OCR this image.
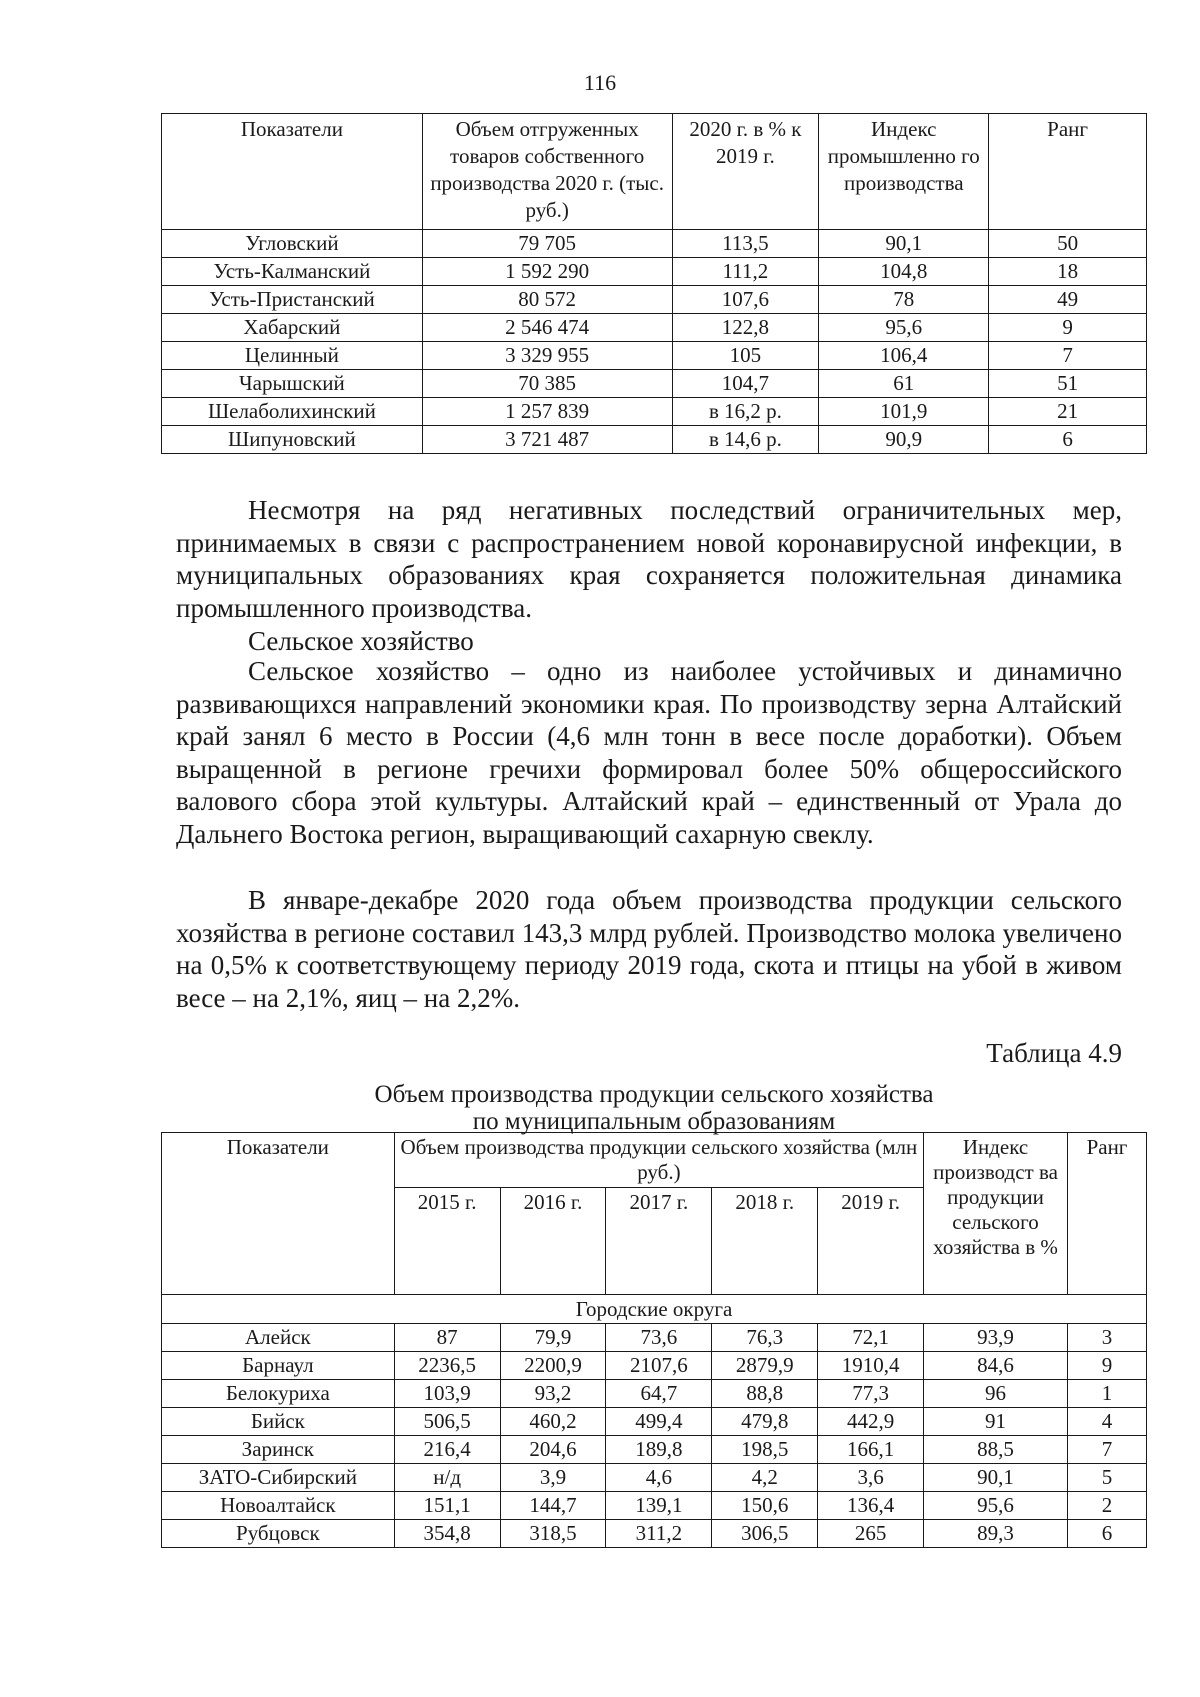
116
Показатели	Объем отгруженных товаров собственного производства 2020 г. (тыс. руб.)	2020 г. в % к 2019 г.	Индекс промышленно го производства	Ранг
Угловский	79 705	113,5	90,1	50
Усть-Калманский	1 592 290	111,2	104,8	18
Усть-Пристанский	80 572	107,6	78	49
Хабарский	2 546 474	122,8	95,6	9
Целинный	3 329 955	105	106,4	7
Чарышский	70 385	104,7	61	51
Шелаболихинский	1 257 839	в 16,2 р.	101,9	21
Шипуновский	3 721 487	в 14,6 р.	90,9	6

Несмотря на ряд негативных последствий ограничительных мер, принимаемых в связи с распространением новой коронавирусной инфекции, в муниципальных образованиях края сохраняется положительная динамика промышленного производства.

Сельское хозяйство

Сельское хозяйство – одно из наиболее устойчивых и динамично развивающихся направлений экономики края. По производству зерна Алтайский край занял 6 место в России (4,6 млн тонн в весе после доработки). Объем выращенной в регионе гречихи формировал более 50% общероссийского валового сбора этой культуры. Алтайский край – единственный от Урала до Дальнего Востока регион, выращивающий сахарную свеклу.

В январе-декабре 2020 года объем производства продукции сельского хозяйства в регионе составил 143,3 млрд рублей. Производство молока увеличено на 0,5% к соответствующему периоду 2019 года, скота и птицы на убой в живом весе – на 2,1%, яиц – на 2,2%.

Таблица 4.9
Объем производства продукции сельского хозяйства
по муниципальным образованиям
Показатели	Объем производства продукции сельского хозяйства (млн руб.)					Индекс производст ва продукции сельского хозяйства в %	Ранг
	2015 г.	2016 г.	2017 г.	2018 г.	2019 г.		
Городские округа							
Алейск	87	79,9	73,6	76,3	72,1	93,9	3
Барнаул	2236,5	2200,9	2107,6	2879,9	1910,4	84,6	9
Белокуриха	103,9	93,2	64,7	88,8	77,3	96	1
Бийск	506,5	460,2	499,4	479,8	442,9	91	4
Заринск	216,4	204,6	189,8	198,5	166,1	88,5	7
ЗАТО-Сибирский	н/д	3,9	4,6	4,2	3,6	90,1	5
Новоалтайск	151,1	144,7	139,1	150,6	136,4	95,6	2
Рубцовск	354,8	318,5	311,2	306,5	265	89,3	6
